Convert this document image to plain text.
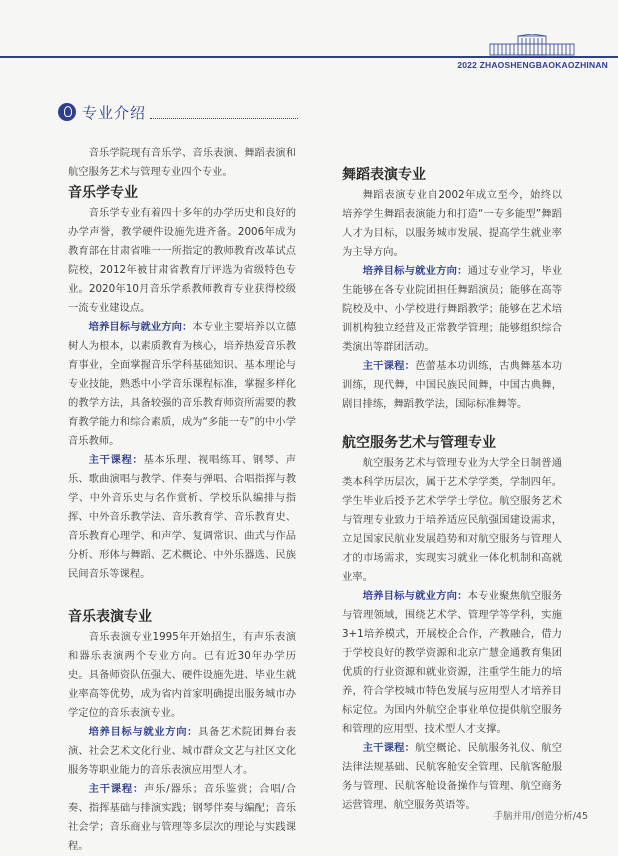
2022 ZHAOSHENGBAOKAOZHINAN
专业介绍

音乐学院现有音乐学、音乐表演、舞蹈表演和航空服务艺术与管理专业四个专业。

音乐学专业

音乐学专业有着四十多年的办学历史和良好的办学声誉，教学硬件设施先进齐备。2006年成为教育部在甘肃省唯一一所指定的教师教育改革试点院校，2012年被甘肃省教育厅评选为省级特色专业。2020年10月音乐学系教师教育专业获得校级一流专业建设点。

培养目标与就业方向：本专业主要培养以立德树人为根本，以素质教育为核心，培养热爱音乐教育事业，全面掌握音乐学科基础知识、基本理论与专业技能，熟悉中小学音乐课程标准，掌握多样化的教学方法，具备较强的音乐教育师资所需要的教育教学能力和综合素质，成为“多能一专”的中小学音乐教师。

主干课程：基本乐理、视唱练耳、钢琴、声乐、歌曲演唱与教学、伴奏与弹唱、合唱指挥与教学、中外音乐史与名作赏析、学校乐队编排与指挥、中外音乐教学法、音乐教育学、音乐教育史、音乐教育心理学、和声学、复调常识、曲式与作品分析、形体与舞蹈、艺术概论、中外乐器选、民族民间音乐等课程。

音乐表演专业

音乐表演专业1995年开始招生，有声乐表演和器乐表演两个专业方向。已有近30年办学历史。具备师资队伍强大、硬件设施先进、毕业生就业率高等优势，成为省内首家明确提出服务城市办学定位的音乐表演专业。

培养目标与就业方向：具备艺术院团舞台表演、社会艺术文化行业、城市群众文艺与社区文化服务等职业能力的音乐表演应用型人才。

主干课程：声乐/器乐；音乐鉴赏；合唱/合奏、指挥基础与排演实践；钢琴伴奏与编配；音乐社会学；音乐商业与管理等多层次的理论与实践课程。

舞蹈表演专业

舞蹈表演专业自2002年成立至今，始终以培养学生舞蹈表演能力和打造“一专多能型”舞蹈人才为目标，以服务城市发展、提高学生就业率为主导方向。

培养目标与就业方向：通过专业学习，毕业生能够在各专业院团担任舞蹈演员；能够在高等院校及中、小学校进行舞蹈教学；能够在艺术培训机构独立经营及正常教学管理；能够组织综合类演出等群团活动。

主干课程：芭蕾基本功训练，古典舞基本功训练，现代舞，中国民族民间舞，中国古典舞，剧目排练，舞蹈教学法，国际标准舞等。

航空服务艺术与管理专业

航空服务艺术与管理专业为大学全日制普通类本科学历层次，属于艺术学学类，学制四年。学生毕业后授予艺术学学士学位。航空服务艺术与管理专业致力于培养适应民航强国建设需求，立足国家民航业发展趋势和对航空服务与管理人才的市场需求，实现实习就业一体化机制和高就业率。

培养目标与就业方向：本专业聚焦航空服务与管理领域，围绕艺术学、管理学等学科，实施3+1培养模式，开展校企合作，产教融合，借力于学校良好的教学资源和北京广慧金通教育集团优质的行业资源和就业资源，注重学生能力的培养，符合学校城市特色发展与应用型人才培养目标定位。为国内外航空企事业单位提供航空服务和管理的应用型、技术型人才支撑。

主干课程：航空概论、民航服务礼仪、航空法律法规基础、民航客舱安全管理、民航客舱服务与管理、民航客舱设备操作与管理、航空商务运营管理、航空服务英语等。

手脑并用/创造分析/45
